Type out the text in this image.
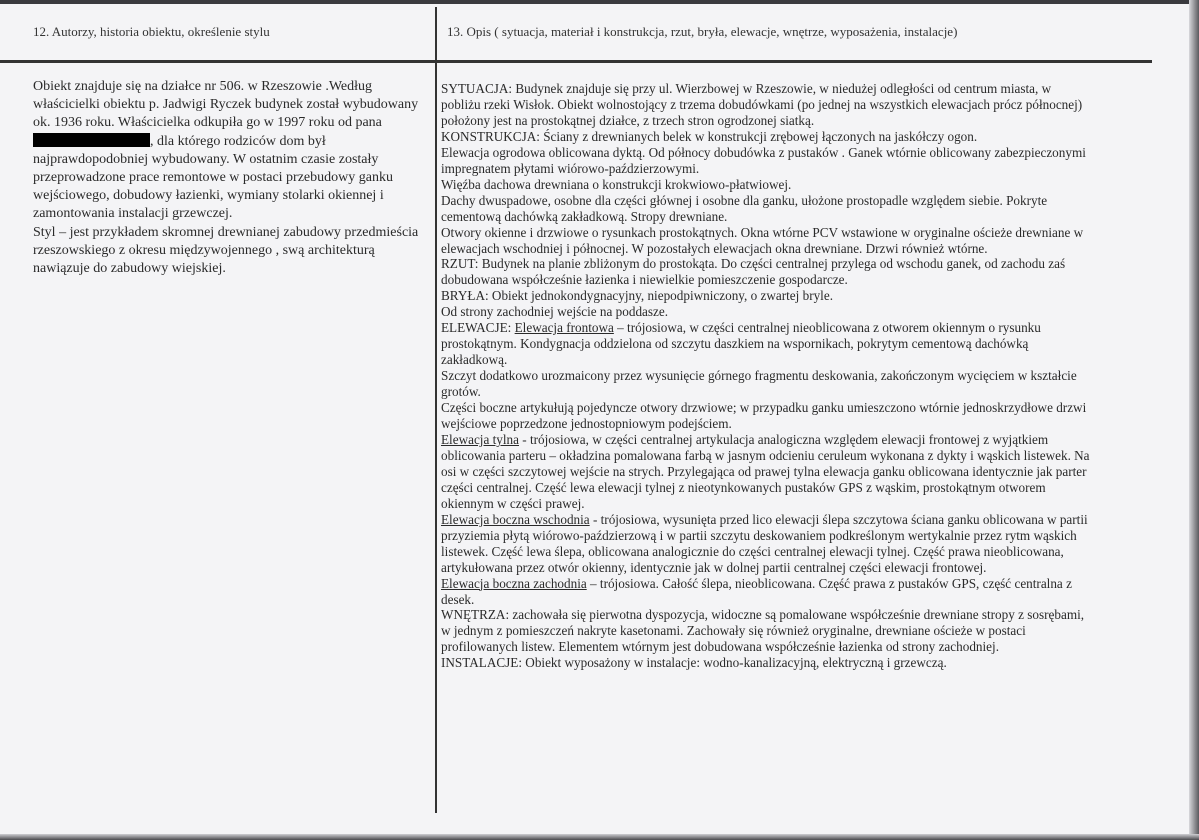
12. Autorzy, historia obiektu, określenie stylu	13. Opis ( sytuacja, materiał i konstrukcja, rzut, bryła, elewacje, wnętrze, wyposażenia, instalacje)
Obiekt znajduje się na działce nr 506. w Rzeszowie .Według
właścicielki obiektu p. Jadwigi Ryczek budynek został wybudowany
ok. 1936 roku. Właścicielka odkupiła go w 1997 roku od pana
, dla którego rodziców dom był
najprawdopodobniej wybudowany. W ostatnim czasie zostały
przeprowadzone prace remontowe w postaci przebudowy ganku
wejściowego, dobudowy łazienki, wymiany stolarki okiennej i
zamontowania instalacji grzewczej.
Styl – jest przykładem skromnej drewnianej zabudowy przedmieścia
rzeszowskiego z okresu międzywojennego , swą architekturą
nawiązuje do zabudowy wiejskiej.
SYTUACJA: Budynek znajduje się przy ul. Wierzbowej w Rzeszowie, w niedużej odległości od centrum miasta, w
pobliżu rzeki Wisłok. Obiekt wolnostojący z trzema dobudówkami (po jednej na wszystkich elewacjach prócz północnej)
położony jest na prostokątnej działce, z trzech stron ogrodzonej siatką.
KONSTRUKCJA: Ściany z drewnianych belek w konstrukcji zrębowej łączonych na jaskółczy ogon.
Elewacja ogrodowa oblicowana dyktą. Od północy dobudówka z pustaków . Ganek wtórnie oblicowany zabezpieczonymi
impregnatem płytami wiórowo-paździerzowymi.
Więźba dachowa drewniana o konstrukcji krokwiowo-płatwiowej.
Dachy dwuspadowe, osobne dla części głównej i osobne dla ganku, ułożone prostopadle względem siebie. Pokryte
cementową dachówką zakładkową. Stropy drewniane.
Otwory okienne i drzwiowe o rysunkach prostokątnych. Okna wtórne PCV wstawione w oryginalne ościeże drewniane w
elewacjach wschodniej i północnej. W pozostałych elewacjach okna drewniane. Drzwi również wtórne.
RZUT: Budynek na planie zbliżonym do prostokąta. Do części centralnej przylega od wschodu ganek, od zachodu zaś
dobudowana współcześnie łazienka i niewielkie pomieszczenie gospodarcze.
BRYŁA: Obiekt jednokondygnacyjny, niepodpiwniczony, o zwartej bryle.
Od strony zachodniej wejście na poddasze.
ELEWACJE: Elewacja frontowa – trójosiowa, w części centralnej nieoblicowana z otworem okiennym o rysunku
prostokątnym. Kondygnacja oddzielona od szczytu daszkiem na wspornikach, pokrytym cementową dachówką
zakładkową.
Szczyt dodatkowo urozmaicony przez wysunięcie górnego fragmentu deskowania, zakończonym wycięciem w kształcie
grotów.
Części boczne artykułują pojedyncze otwory drzwiowe; w przypadku ganku umieszczono wtórnie jednoskrzydłowe drzwi
wejściowe poprzedzone jednostopniowym podejściem.
Elewacja tylna - trójosiowa, w części centralnej artykulacja analogiczna względem elewacji frontowej z wyjątkiem
oblicowania parteru – okładzina pomalowana farbą w jasnym odcieniu ceruleum wykonana z dykty i wąskich listewek. Na
osi w części szczytowej wejście na strych. Przylegająca od prawej tylna elewacja ganku oblicowana identycznie jak parter
części centralnej. Część lewa elewacji tylnej z nieotynkowanych pustaków GPS z wąskim, prostokątnym otworem
okiennym w części prawej.
Elewacja boczna wschodnia - trójosiowa, wysunięta przed lico elewacji ślepa szczytowa ściana ganku oblicowana w partii
przyziemia płytą wiórowo-paździerzową i w partii szczytu deskowaniem podkreślonym wertykalnie przez rytm wąskich
listewek. Część lewa ślepa, oblicowana analogicznie do części centralnej elewacji tylnej. Część prawa nieoblicowana,
artykułowana przez otwór okienny, identycznie jak w dolnej partii centralnej części elewacji frontowej.
Elewacja boczna zachodnia – trójosiowa. Całość ślepa, nieoblicowana. Część prawa z pustaków GPS, część centralna z
desek.
WNĘTRZA: zachowała się pierwotna dyspozycja, widoczne są pomalowane współcześnie drewniane stropy z sosrębami,
w jednym z pomieszczeń nakryte kasetonami. Zachowały się również oryginalne, drewniane ościeże w postaci
profilowanych listew. Elementem wtórnym jest dobudowana współcześnie łazienka od strony zachodniej.
INSTALACJE: Obiekt wyposażony w instalacje: wodno-kanalizacyjną, elektryczną i grzewczą.
